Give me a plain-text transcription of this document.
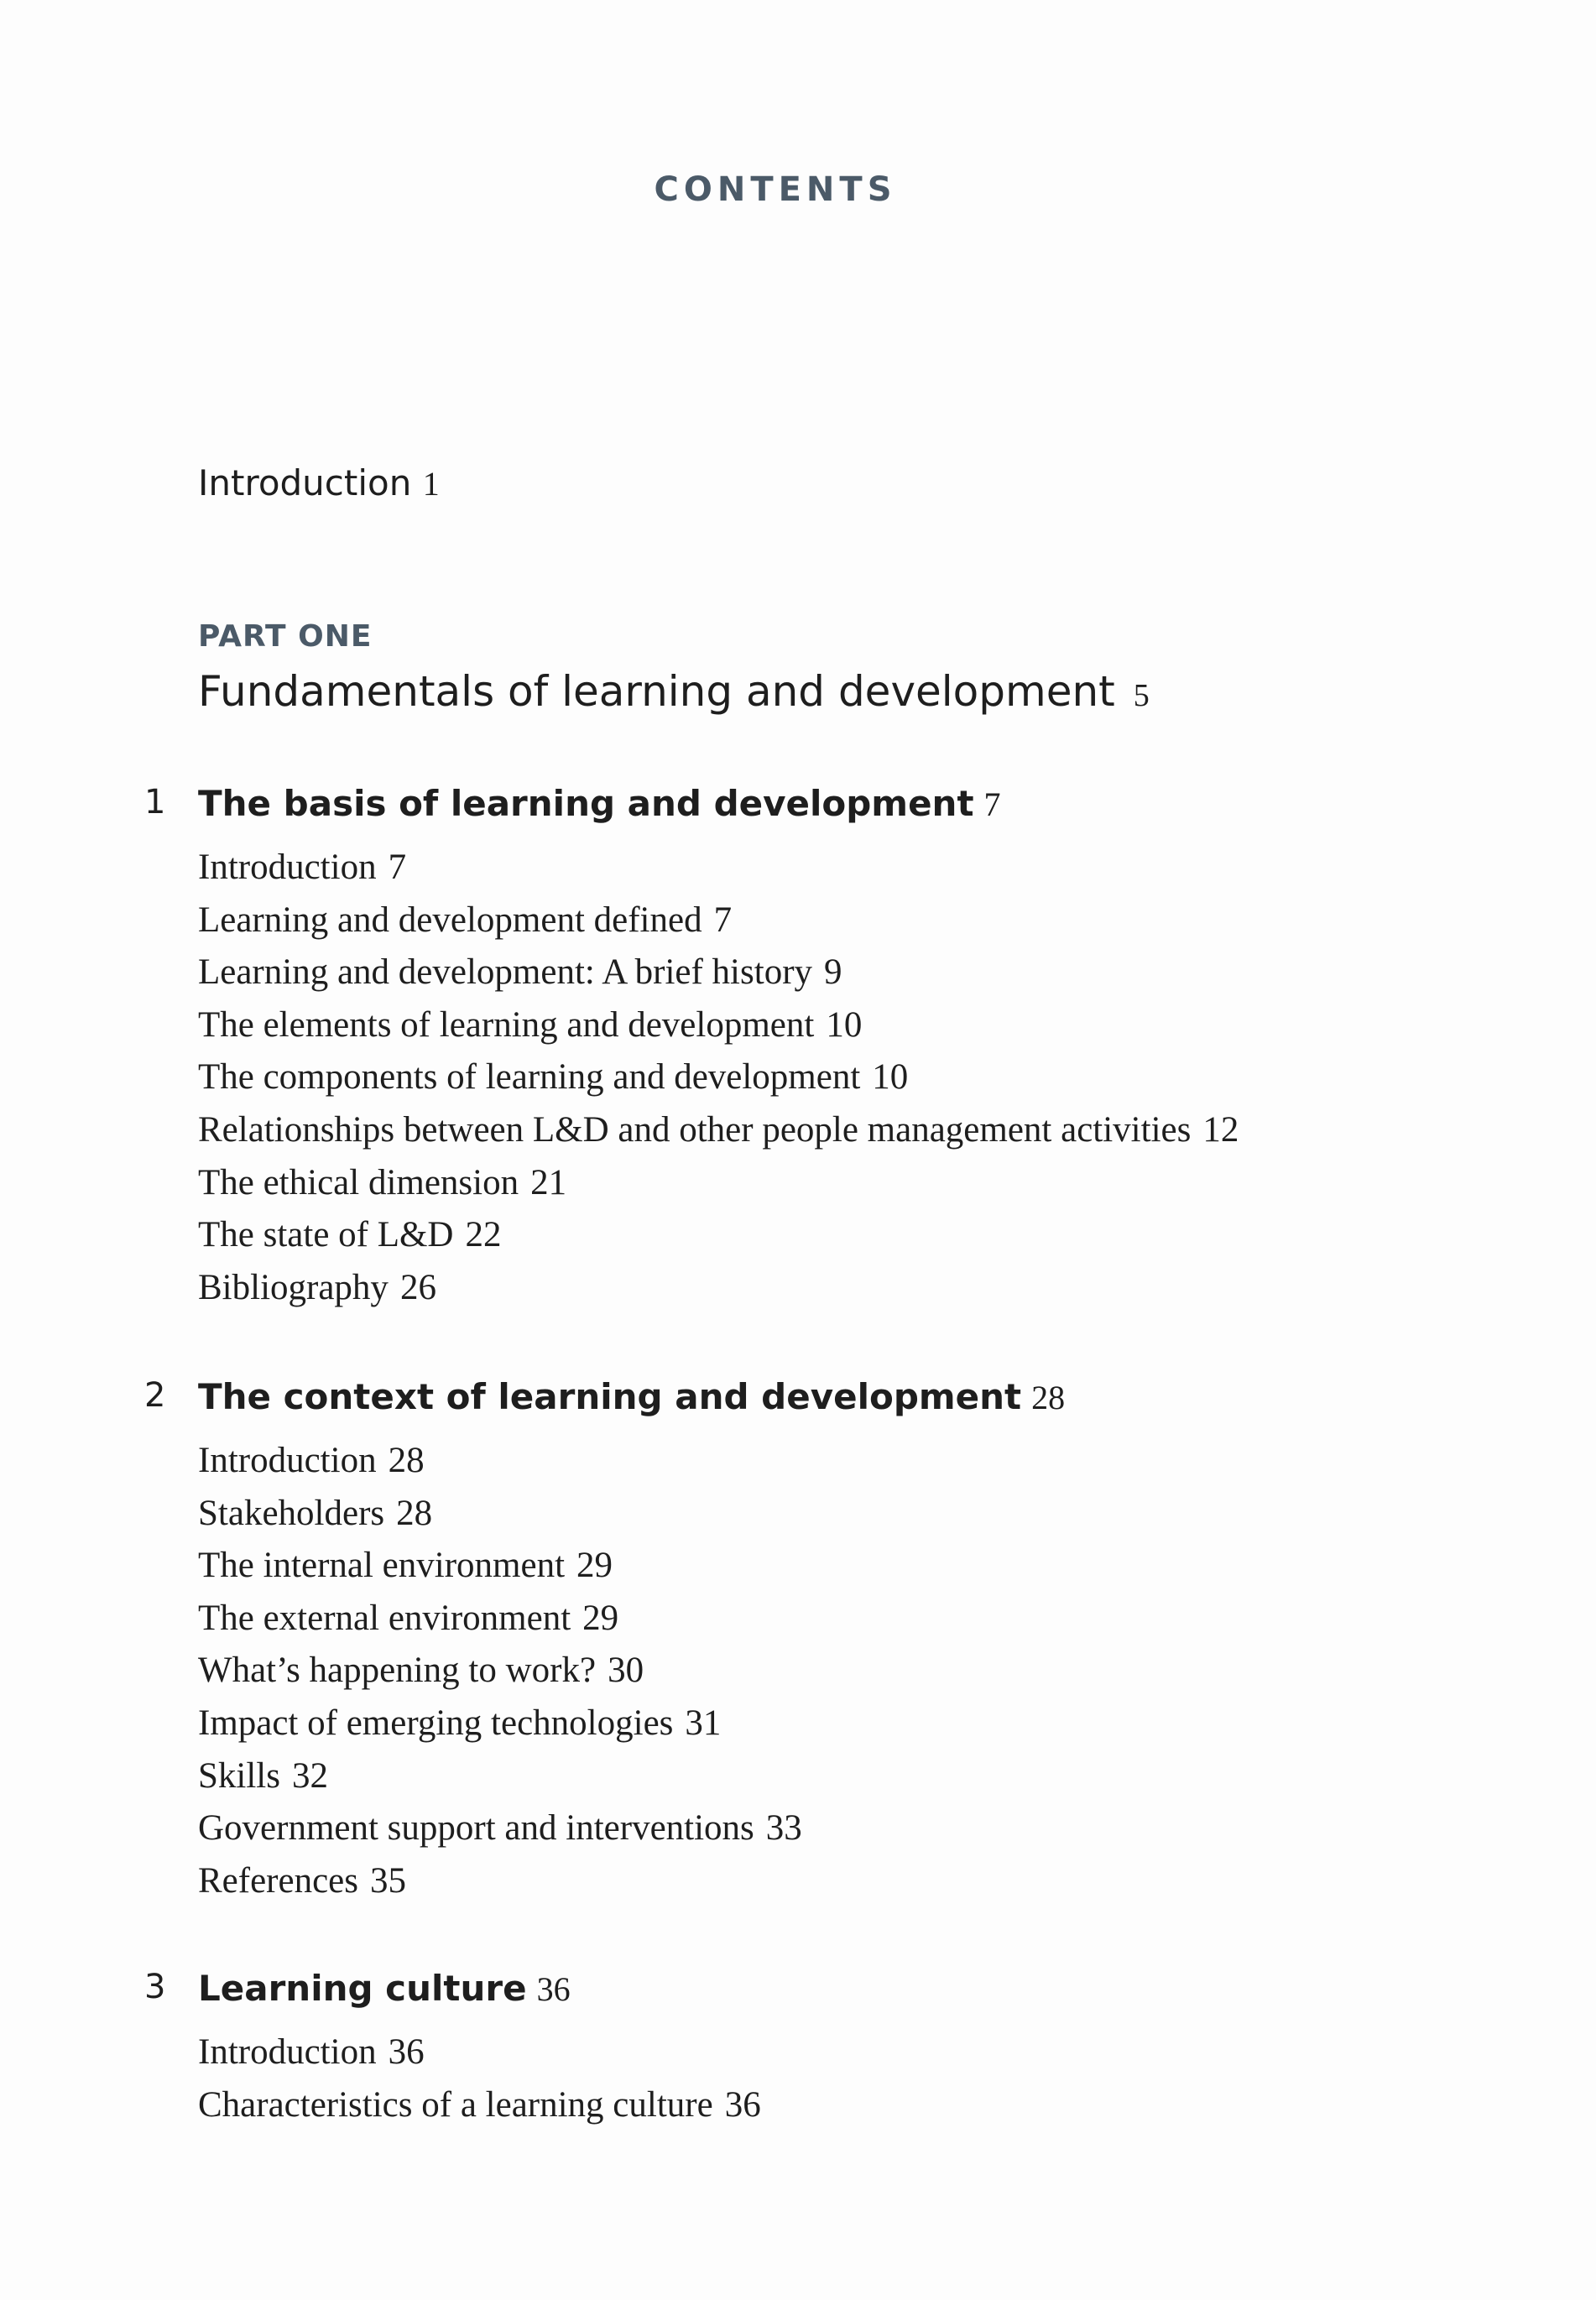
CONTENTS
Introduction 1
PART ONE
Fundamentals of learning and development 5
1 The basis of learning and development 7
Introduction 7
Learning and development defined 7
Learning and development: A brief history 9
The elements of learning and development 10
The components of learning and development 10
Relationships between L&D and other people management activities 12
The ethical dimension 21
The state of L&D 22
Bibliography 26
2 The context of learning and development 28
Introduction 28
Stakeholders 28
The internal environment 29
The external environment 29
What’s happening to work? 30
Impact of emerging technologies 31
Skills 32
Government support and interventions 33
References 35
3 Learning culture 36
Introduction 36
Characteristics of a learning culture 36
